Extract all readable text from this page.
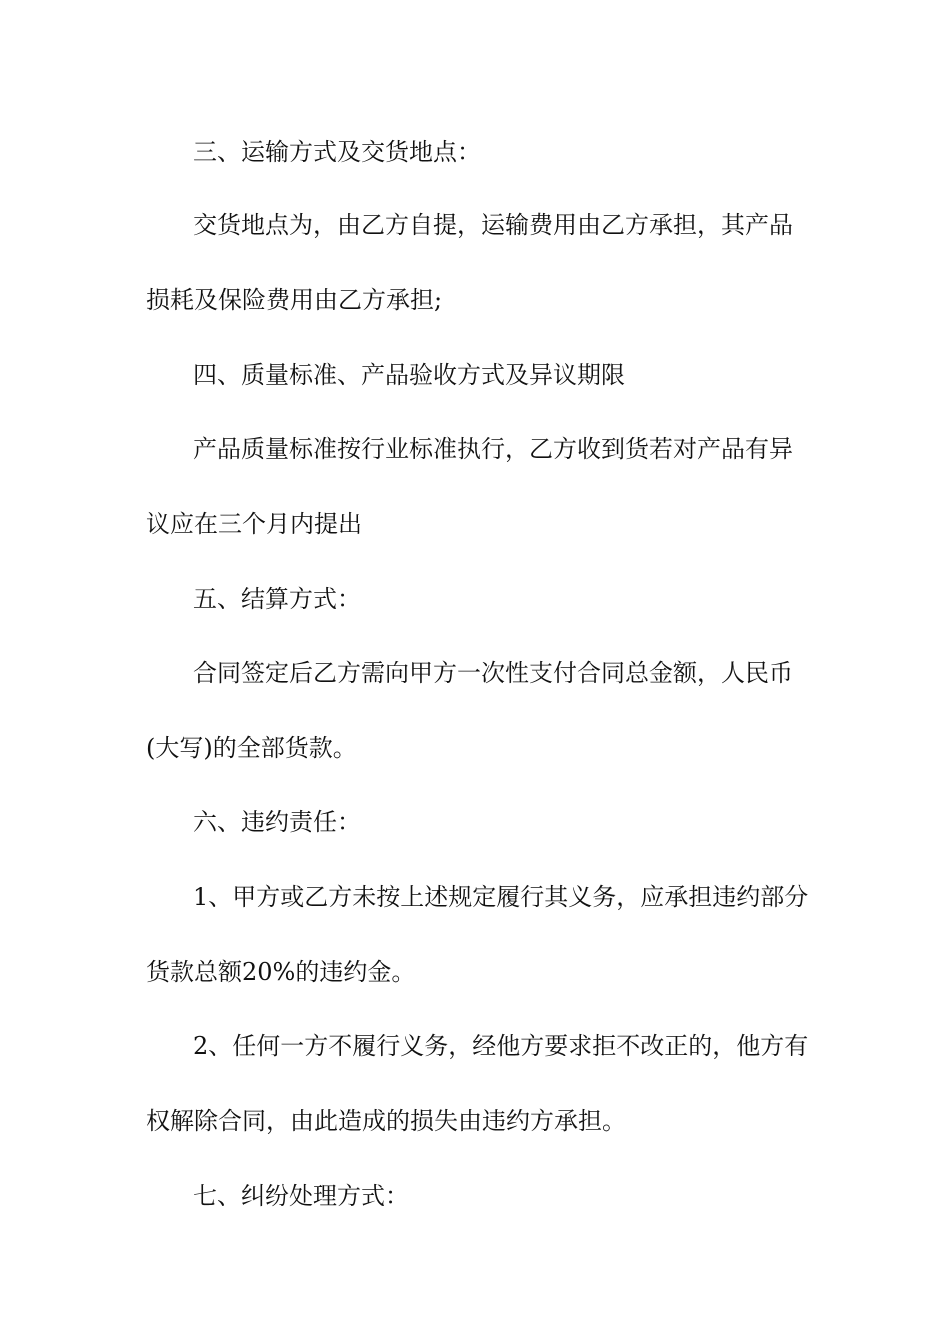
三、运输方式及交货地点：

交货地点为，由乙方自提，运输费用由乙方承担，其产品

损耗及保险费用由乙方承担;

四、质量标准、产品验收方式及异议期限

产品质量标准按行业标准执行，乙方收到货若对产品有异

议应在三个月内提出

五、结算方式：

合同签定后乙方需向甲方一次性支付合同总金额，人民币

(大写)的全部货款。

六、违约责任：

1、甲方或乙方未按上述规定履行其义务，应承担违约部分

货款总额20%的违约金。

2、任何一方不履行义务，经他方要求拒不改正的，他方有

权解除合同，由此造成的损失由违约方承担。

七、纠纷处理方式：
